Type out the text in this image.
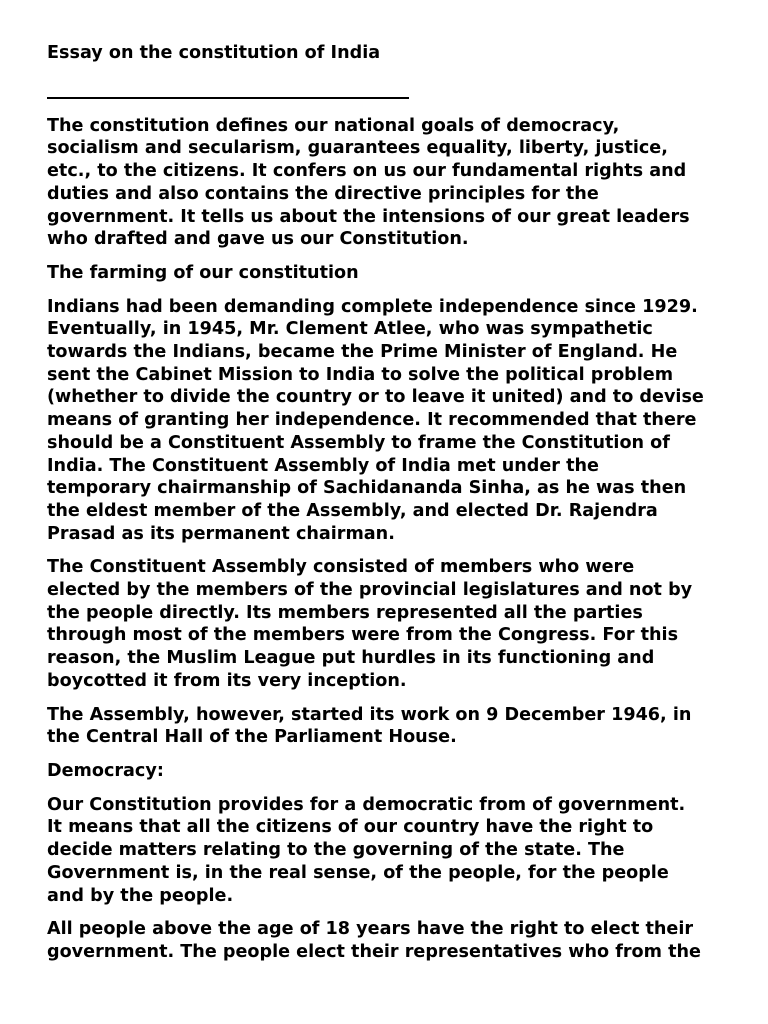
Essay on the constitution of India
The constitution defines our national goals of democracy,
socialism and secularism, guarantees equality, liberty, justice,
etc., to the citizens. It confers on us our fundamental rights and
duties and also contains the directive principles for the
government. It tells us about the intensions of our great leaders
who drafted and gave us our Constitution.
The farming of our constitution
Indians had been demanding complete independence since 1929.
Eventually, in 1945, Mr. Clement Atlee, who was sympathetic
towards the Indians, became the Prime Minister of England. He
sent the Cabinet Mission to India to solve the political problem
(whether to divide the country or to leave it united) and to devise
means of granting her independence. It recommended that there
should be a Constituent Assembly to frame the Constitution of
India. The Constituent Assembly of India met under the
temporary chairmanship of Sachidananda Sinha, as he was then
the eldest member of the Assembly, and elected Dr. Rajendra
Prasad as its permanent chairman.
The Constituent Assembly consisted of members who were
elected by the members of the provincial legislatures and not by
the people directly. Its members represented all the parties
through most of the members were from the Congress. For this
reason, the Muslim League put hurdles in its functioning and
boycotted it from its very inception.
The Assembly, however, started its work on 9 December 1946, in
the Central Hall of the Parliament House.
Democracy:
Our Constitution provides for a democratic from of government.
It means that all the citizens of our country have the right to
decide matters relating to the governing of the state. The
Government is, in the real sense, of the people, for the people
and by the people.
All people above the age of 18 years have the right to elect their
government. The people elect their representatives who from the
